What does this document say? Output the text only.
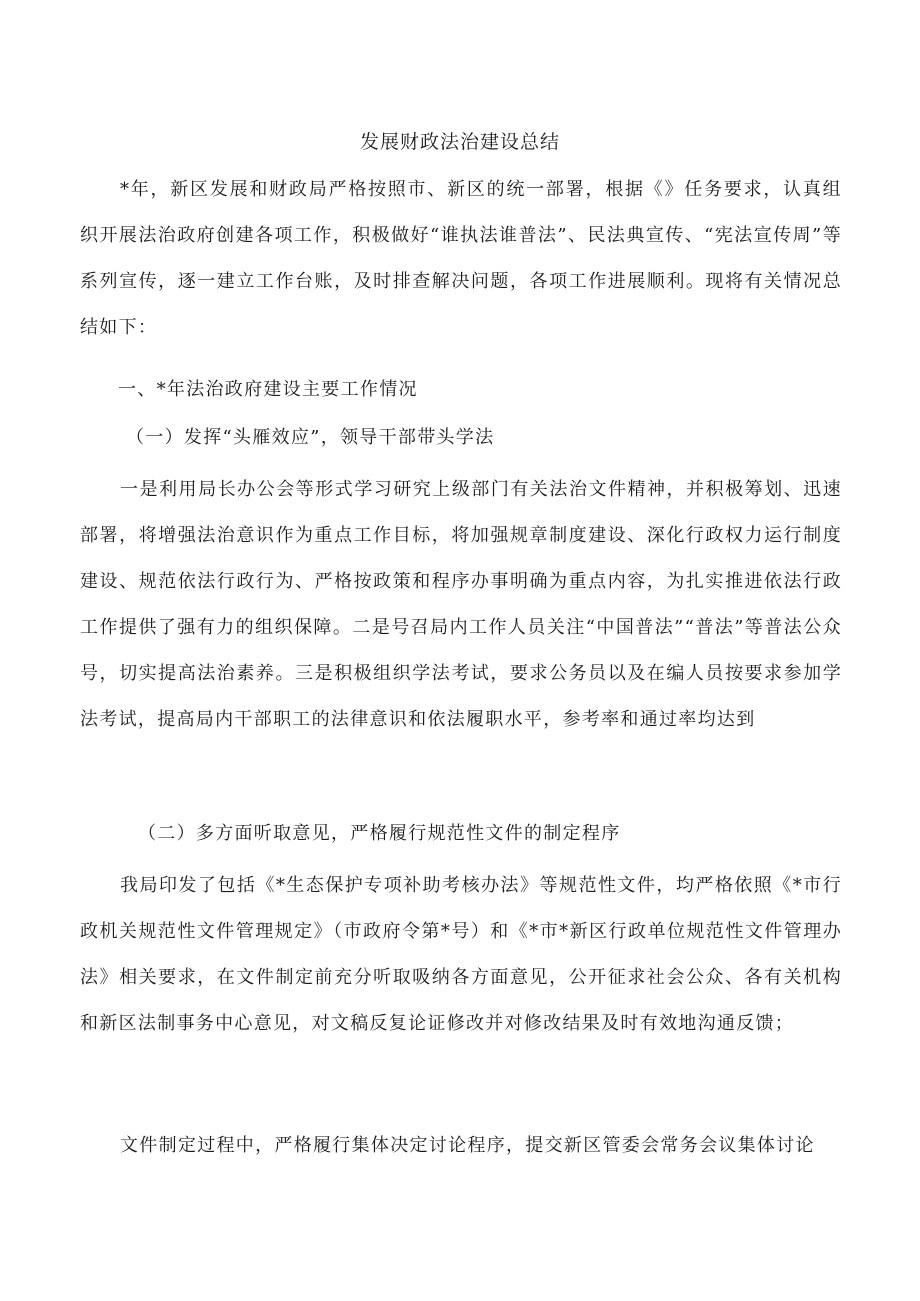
发展财政法治建设总结

*年，新区发展和财政局严格按照市、新区的统一部署，根据《》任务要求，认真组织开展法治政府创建各项工作，积极做好“谁执法谁普法”、民法典宣传、“宪法宣传周”等系列宣传，逐一建立工作台账，及时排查解决问题，各项工作进展顺利。现将有关情况总结如下：

一、*年法治政府建设主要工作情况
（一）发挥“头雁效应”，领导干部带头学法

一是利用局长办公会等形式学习研究上级部门有关法治文件精神，并积极筹划、迅速部署，将增强法治意识作为重点工作目标，将加强规章制度建设、深化行政权力运行制度建设、规范依法行政行为、严格按政策和程序办事明确为重点内容，为扎实推进依法行政工作提供了强有力的组织保障。二是号召局内工作人员关注“中国普法”“普法”等普法公众号，切实提高法治素养。三是积极组织学法考试，要求公务员以及在编人员按要求参加学法考试，提高局内干部职工的法律意识和依法履职水平，参考率和通过率均达到

（二）多方面听取意见，严格履行规范性文件的制定程序

我局印发了包括《*生态保护专项补助考核办法》等规范性文件，均严格依照《*市行政机关规范性文件管理规定》（市政府令第*号）和《*市*新区行政单位规范性文件管理办法》相关要求，在文件制定前充分听取吸纳各方面意见，公开征求社会公众、各有关机构和新区法制事务中心意见，对文稿反复论证修改并对修改结果及时有效地沟通反馈；

文件制定过程中，严格履行集体决定讨论程序，提交新区管委会常务会议集体讨论
